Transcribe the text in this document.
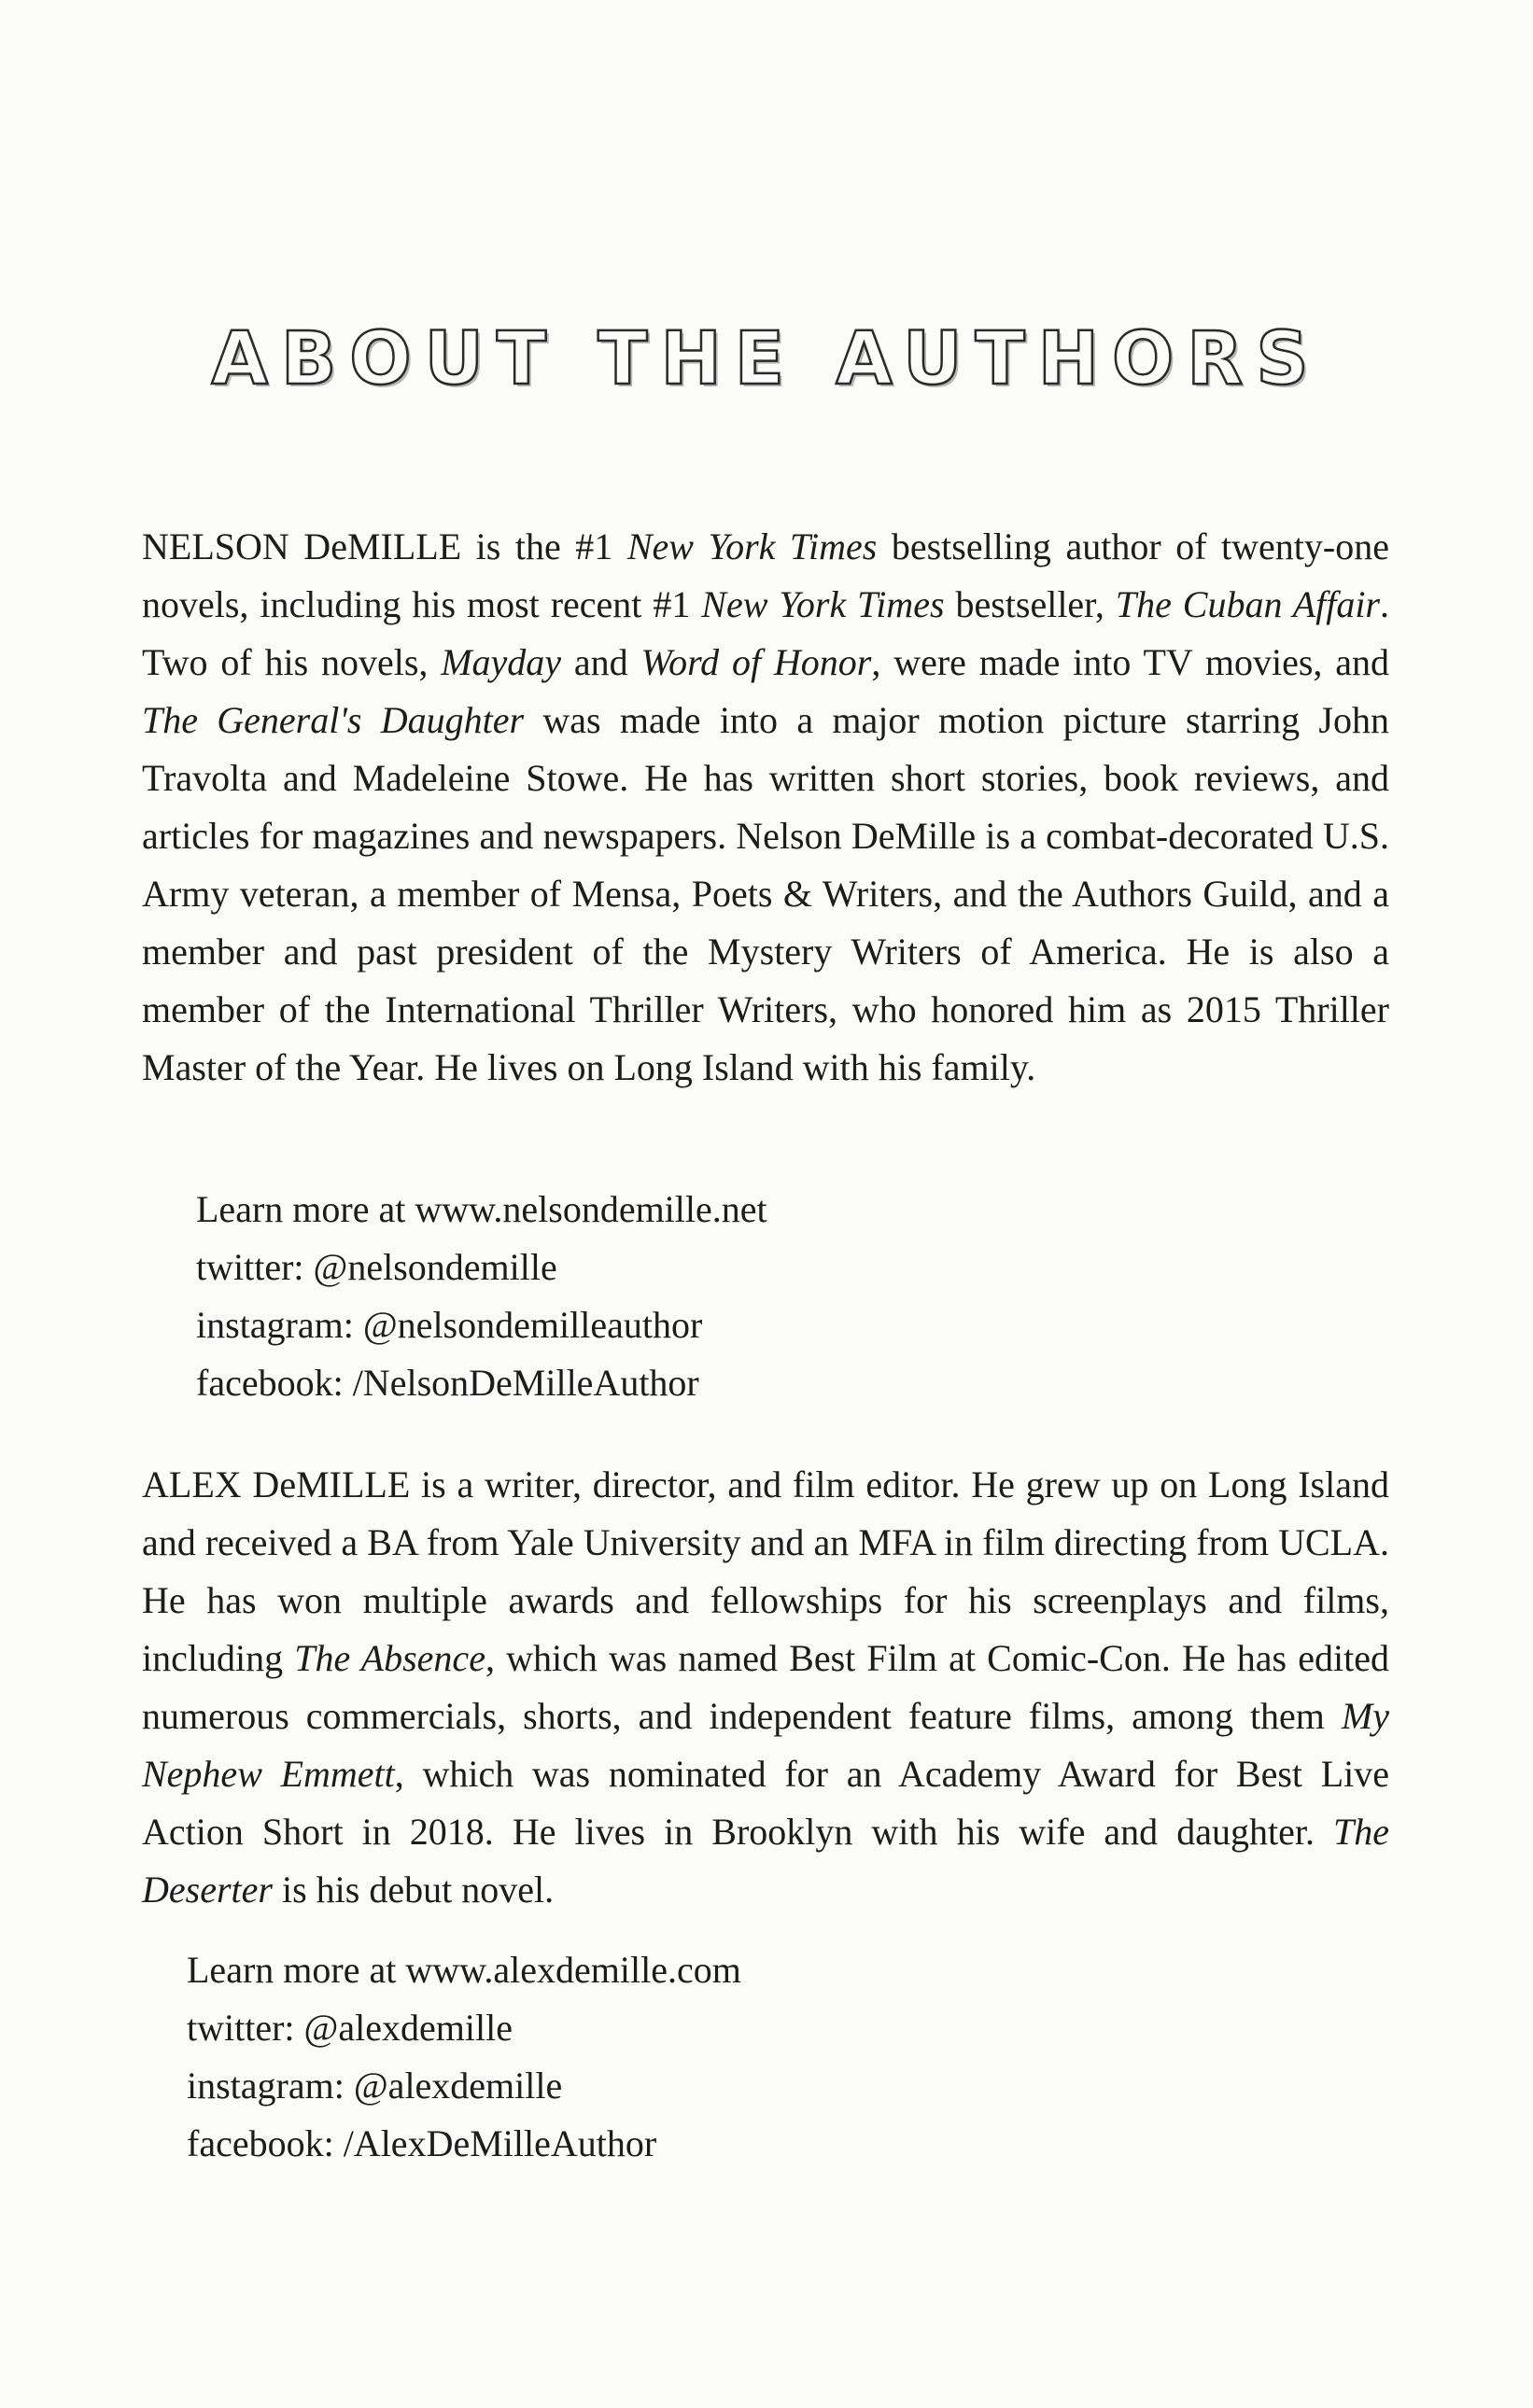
ABOUT THE AUTHORS

NELSON DeMILLE is the #1 New York Times bestselling author of twenty-one novels, including his most recent #1 New York Times bestseller, The Cuban Affair. Two of his novels, Mayday and Word of Honor, were made into TV movies, and The General's Daughter was made into a major motion picture starring John Travolta and Madeleine Stowe. He has written short stories, book reviews, and articles for magazines and newspapers. Nelson DeMille is a combat-decorated U.S. Army veteran, a member of Mensa, Poets & Writers, and the Authors Guild, and a member and past president of the Mystery Writers of America. He is also a member of the International Thriller Writers, who honored him as 2015 Thriller Master of the Year. He lives on Long Island with his family.

Learn more at www.nelsondemille.net
twitter: @nelsondemille
instagram: @nelsondemilleauthor
facebook: /NelsonDeMilleAuthor

ALEX DeMILLE is a writer, director, and film editor. He grew up on Long Island and received a BA from Yale University and an MFA in film directing from UCLA. He has won multiple awards and fellowships for his screenplays and films, including The Absence, which was named Best Film at Comic-Con. He has edited numerous commercials, shorts, and independent feature films, among them My Nephew Emmett, which was nominated for an Academy Award for Best Live Action Short in 2018. He lives in Brooklyn with his wife and daughter. The Deserter is his debut novel.

Learn more at www.alexdemille.com
twitter: @alexdemille
instagram: @alexdemille
facebook: /AlexDeMilleAuthor
